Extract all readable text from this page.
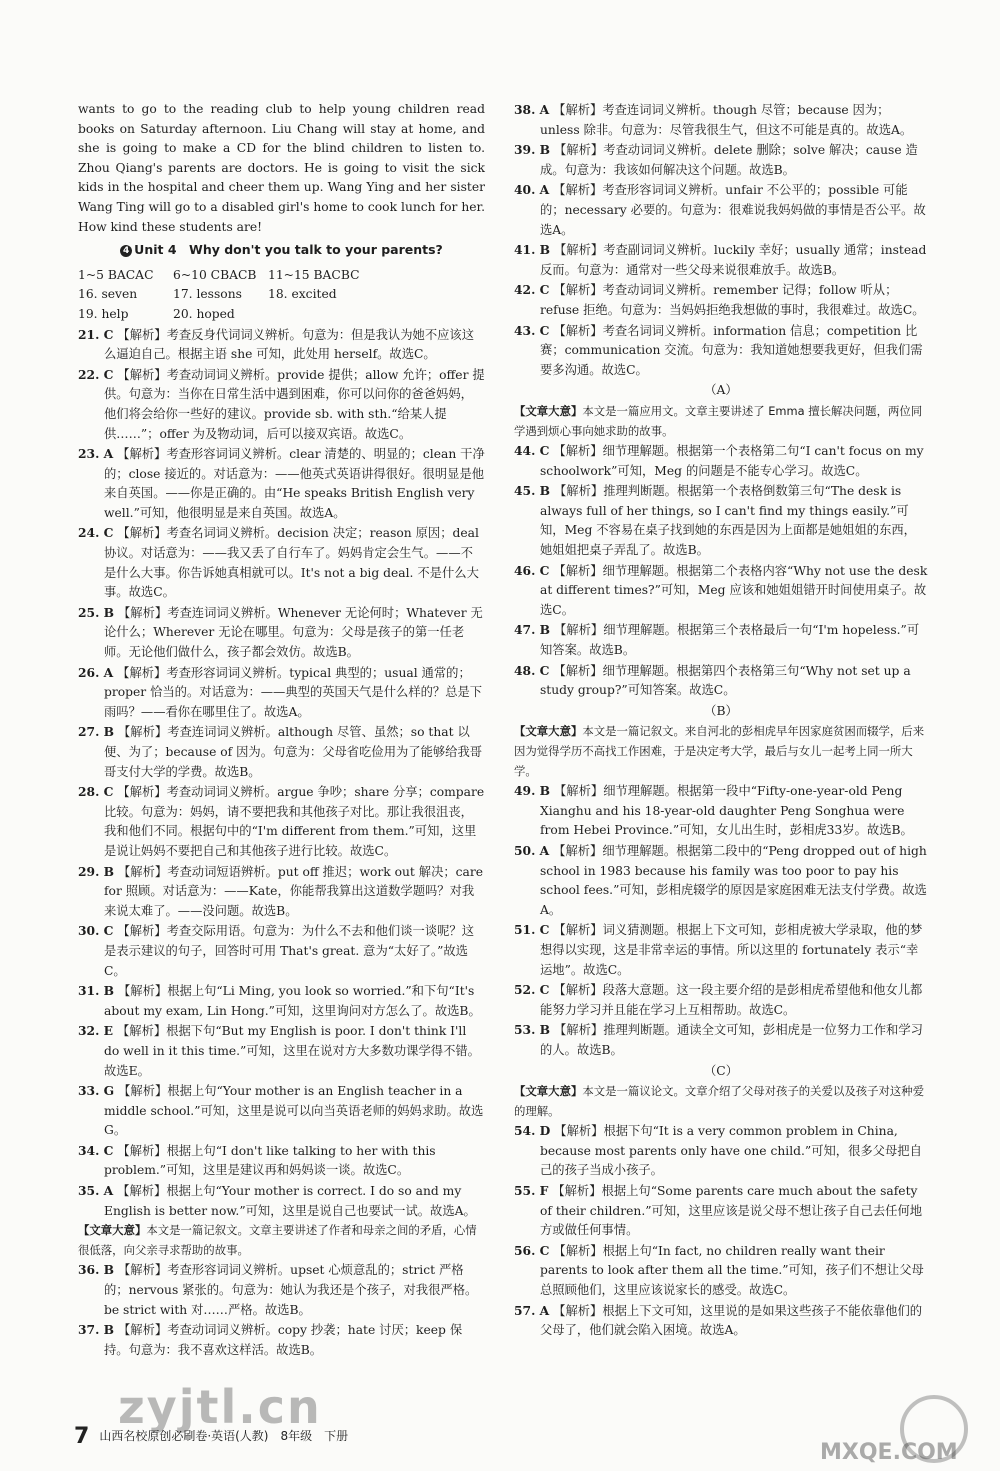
wants to go to the reading club to help young children read books on Saturday afternoon. Liu Chang will stay at home, and she is going to make a CD for the blind children to listen to. Zhou Qiang's parents are doctors. He is going to visit the sick kids in the hospital and cheer them up. Wang Ying and her sister Wang Ting will go to a disabled girl's home to cook lunch for her. How kind these students are!

4 Unit 4　Why don't you talk to your parents?
1~5 BACAC	6~10 CBACB 11~15 BACBC
16. seven	17. lessons	18. excited
19. help	20. hoped

21. C 【解析】考查反身代词词义辨析。句意为：但是我认为她不应该这么逼迫自己。根据主语 she 可知，此处用 herself。故选C。

22. C 【解析】考查动词词义辨析。provide 提供；allow 允许；offer 提供。句意为：当你在日常生活中遇到困难，你可以问你的爸爸妈妈，他们将会给你一些好的建议。provide sb. with sth.“给某人提供……”；offer 为及物动词，后可以接双宾语。故选C。

23. A 【解析】考查形容词词义辨析。clear 清楚的、明显的；clean 干净的；close 接近的。对话意为：——他英式英语讲得很好。很明显是他来自英国。——你是正确的。由“He speaks British English very well.”可知，他很明显是来自英国。故选A。

24. C 【解析】考查名词词义辨析。decision 决定；reason 原因；deal 协议。对话意为：——我又丢了自行车了。妈妈肯定会生气。——不是什么大事。你告诉她真相就可以。It's not a big deal. 不是什么大事。故选C。

25. B 【解析】考查连词词义辨析。Whenever 无论何时；Whatever 无论什么；Wherever 无论在哪里。句意为：父母是孩子的第一任老师。无论他们做什么，孩子都会效仿。故选B。

26. A 【解析】考查形容词词义辨析。typical 典型的；usual 通常的；proper 恰当的。对话意为：——典型的英国天气是什么样的？总是下雨吗？——看你在哪里住了。故选A。

27. B 【解析】考查连词词义辨析。although 尽管、虽然；so that 以便、为了；because of 因为。句意为：父母省吃俭用为了能够给我哥哥支付大学的学费。故选B。

28. C 【解析】考查动词词义辨析。argue 争吵；share 分享；compare 比较。句意为：妈妈，请不要把我和其他孩子对比。那让我很沮丧，我和他们不同。根据句中的“I'm different from them.”可知，这里是说让妈妈不要把自己和其他孩子进行比较。故选C。

29. B 【解析】考查动词短语辨析。put off 推迟；work out 解决；care for 照顾。对话意为：——Kate，你能帮我算出这道数学题吗？对我来说太难了。——没问题。故选B。

30. C 【解析】考查交际用语。句意为：为什么不去和他们谈一谈呢？这是表示建议的句子，回答时可用 That's great. 意为“太好了。”故选C。

31. B 【解析】根据上句“Li Ming, you look so worried.”和下句“It's about my exam, Lin Hong.”可知，这里询问对方怎么了。故选B。

32. E 【解析】根据下句“But my English is poor. I don't think I'll do well in it this time.”可知，这里在说对方大多数功课学得不错。故选E。

33. G 【解析】根据上句“Your mother is an English teacher in a middle school.”可知，这里是说可以向当英语老师的妈妈求助。故选G。

34. C 【解析】根据上句“I don't like talking to her with this problem.”可知，这里是建议再和妈妈谈一谈。故选C。

35. A 【解析】根据上句“Your mother is correct. I do so and my English is better now.”可知，这里是说自己也要试一试。故选A。

【文章大意】本文是一篇记叙文。文章主要讲述了作者和母亲之间的矛盾，心情很低落，向父亲寻求帮助的故事。

36. B 【解析】考查形容词词义辨析。upset 心烦意乱的；strict 严格的；nervous 紧张的。句意为：她认为我还是个孩子，对我很严格。be strict with 对……严格。故选B。

37. B 【解析】考查动词词义辨析。copy 抄袭；hate 讨厌；keep 保持。句意为：我不喜欢这样活。故选B。

38. A 【解析】考查连词词义辨析。though 尽管；because 因为；unless 除非。句意为：尽管我很生气，但这不可能是真的。故选A。

39. B 【解析】考查动词词义辨析。delete 删除；solve 解决；cause 造成。句意为：我该如何解决这个问题。故选B。

40. A 【解析】考查形容词词义辨析。unfair 不公平的；possible 可能的；necessary 必要的。句意为：很难说我妈妈做的事情是否公平。故选A。

41. B 【解析】考查副词词义辨析。luckily 幸好；usually 通常；instead 反而。句意为：通常对一些父母来说很难放手。故选B。

42. C 【解析】考查动词词义辨析。remember 记得；follow 听从；refuse 拒绝。句意为：当妈妈拒绝我想做的事时，我很难过。故选C。

43. C 【解析】考查名词词义辨析。information 信息；competition 比赛；communication 交流。句意为：我知道她想要我更好，但我们需要多沟通。故选C。

（A）

【文章大意】本文是一篇应用文。文章主要讲述了 Emma 擅长解决问题，两位同学遇到烦心事向她求助的故事。

44. C 【解析】细节理解题。根据第一个表格第二句“I can't focus on my schoolwork”可知，Meg 的问题是不能专心学习。故选C。

45. B 【解析】推理判断题。根据第一个表格倒数第三句“The desk is always full of her things, so I can't find my things easily.”可知，Meg 不容易在桌子找到她的东西是因为上面都是她姐姐的东西，她姐姐把桌子弄乱了。故选B。

46. C 【解析】细节理解题。根据第二个表格内容“Why not use the desk at different times?”可知，Meg 应该和她姐姐错开时间使用桌子。故选C。

47. B 【解析】细节理解题。根据第三个表格最后一句“I'm hopeless.”可知答案。故选B。

48. C 【解析】细节理解题。根据第四个表格第三句“Why not set up a study group?”可知答案。故选C。

（B）

【文章大意】本文是一篇记叙文。来自河北的彭相虎早年因家庭贫困而辍学，后来因为觉得学历不高找工作困难，于是决定考大学，最后与女儿一起考上同一所大学。

49. B 【解析】细节理解题。根据第一段中“Fifty-one-year-old Peng Xianghu and his 18-year-old daughter Peng Songhua were from Hebei Province.”可知，女儿出生时，彭相虎33岁。故选B。

50. A 【解析】细节理解题。根据第二段中的“Peng dropped out of high school in 1983 because his family was too poor to pay his school fees.”可知，彭相虎辍学的原因是家庭困难无法支付学费。故选A。

51. C 【解析】词义猜测题。根据上下文可知，彭相虎被大学录取，他的梦想得以实现，这是非常幸运的事情。所以这里的 fortunately 表示“幸运地”。故选C。

52. C 【解析】段落大意题。这一段主要介绍的是彭相虎希望他和他女儿都能努力学习并且能在学习上互相帮助。故选C。

53. B 【解析】推理判断题。通读全文可知，彭相虎是一位努力工作和学习的人。故选B。

（C）

【文章大意】本文是一篇议论文。文章介绍了父母对孩子的关爱以及孩子对这种爱的理解。

54. D 【解析】根据下句“It is a very common problem in China, because most parents only have one child.”可知，很多父母把自己的孩子当成小孩子。

55. F 【解析】根据上句“Some parents care much about the safety of their children.”可知，这里应该是说父母不想让孩子自己去任何地方或做任何事情。

56. C 【解析】根据上句“In fact, no children really want their parents to look after them all the time.”可知，孩子们不想让父母总照顾他们，这里应该说家长的感受。故选C。

57. A 【解析】根据上下文可知，这里说的是如果这些孩子不能依靠他们的父母了，他们就会陷入困境。故选A。

zyjtl.cn
MXQE.COM
7 山西名校原创必刷卷·英语(人教)　8年级　下册
